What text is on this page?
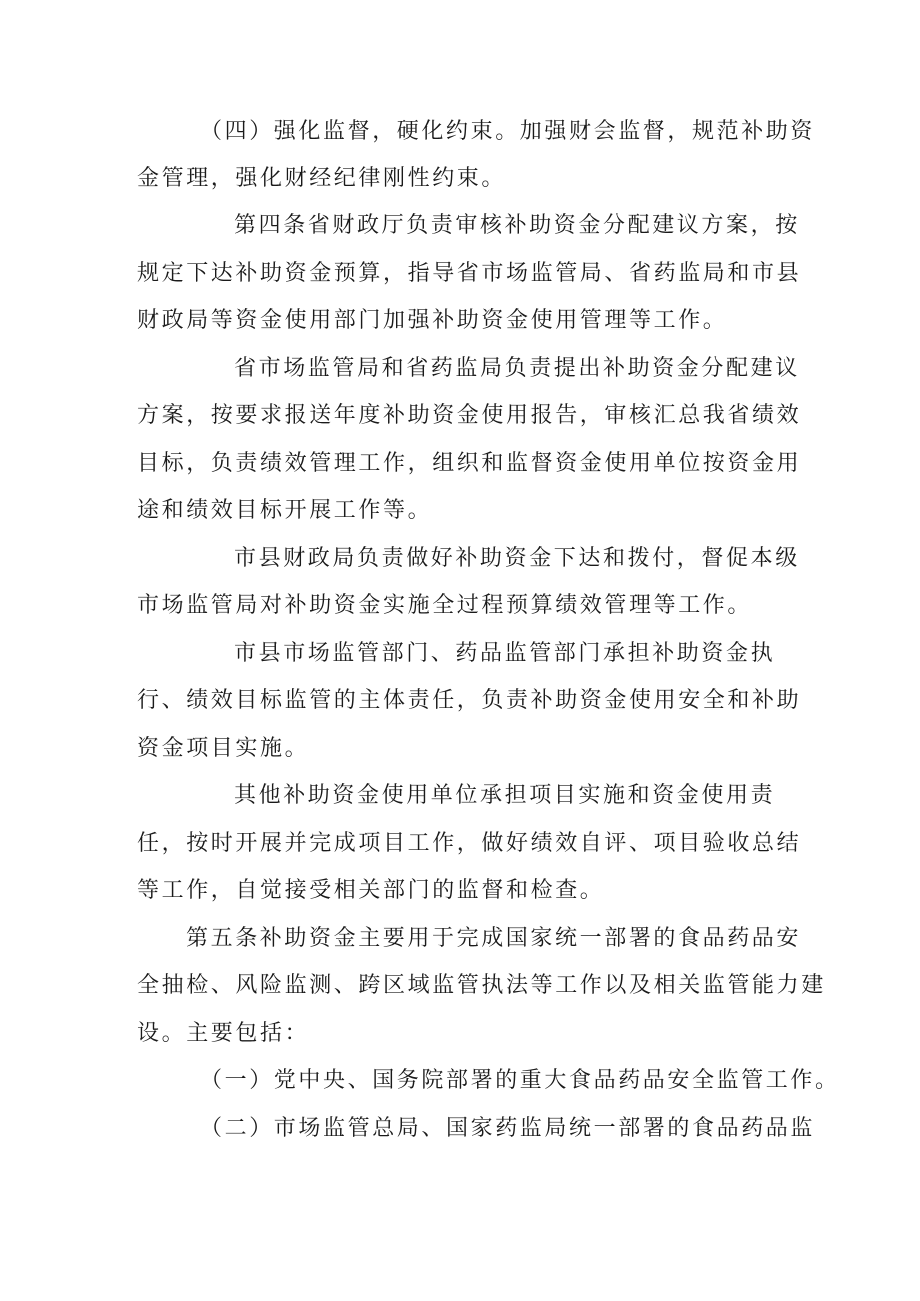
（四）强化监督，硬化约束。加强财会监督，规范补助资
金管理，强化财经纪律刚性约束。
第四条省财政厅负责审核补助资金分配建议方案，按
规定下达补助资金预算，指导省市场监管局、省药监局和市县
财政局等资金使用部门加强补助资金使用管理等工作。
省市场监管局和省药监局负责提出补助资金分配建议
方案，按要求报送年度补助资金使用报告，审核汇总我省绩效
目标，负责绩效管理工作，组织和监督资金使用单位按资金用
途和绩效目标开展工作等。
市县财政局负责做好补助资金下达和拨付，督促本级
市场监管局对补助资金实施全过程预算绩效管理等工作。
市县市场监管部门、药品监管部门承担补助资金执
行、绩效目标监管的主体责任，负责补助资金使用安全和补助
资金项目实施。
其他补助资金使用单位承担项目实施和资金使用责
任，按时开展并完成项目工作，做好绩效自评、项目验收总结
等工作，自觉接受相关部门的监督和检查。
第五条补助资金主要用于完成国家统一部署的食品药品安
全抽检、风险监测、跨区域监管执法等工作以及相关监管能力建
设。主要包括：
（一）党中央、国务院部署的重大食品药品安全监管工作。
（二）市场监管总局、国家药监局统一部署的食品药品监
